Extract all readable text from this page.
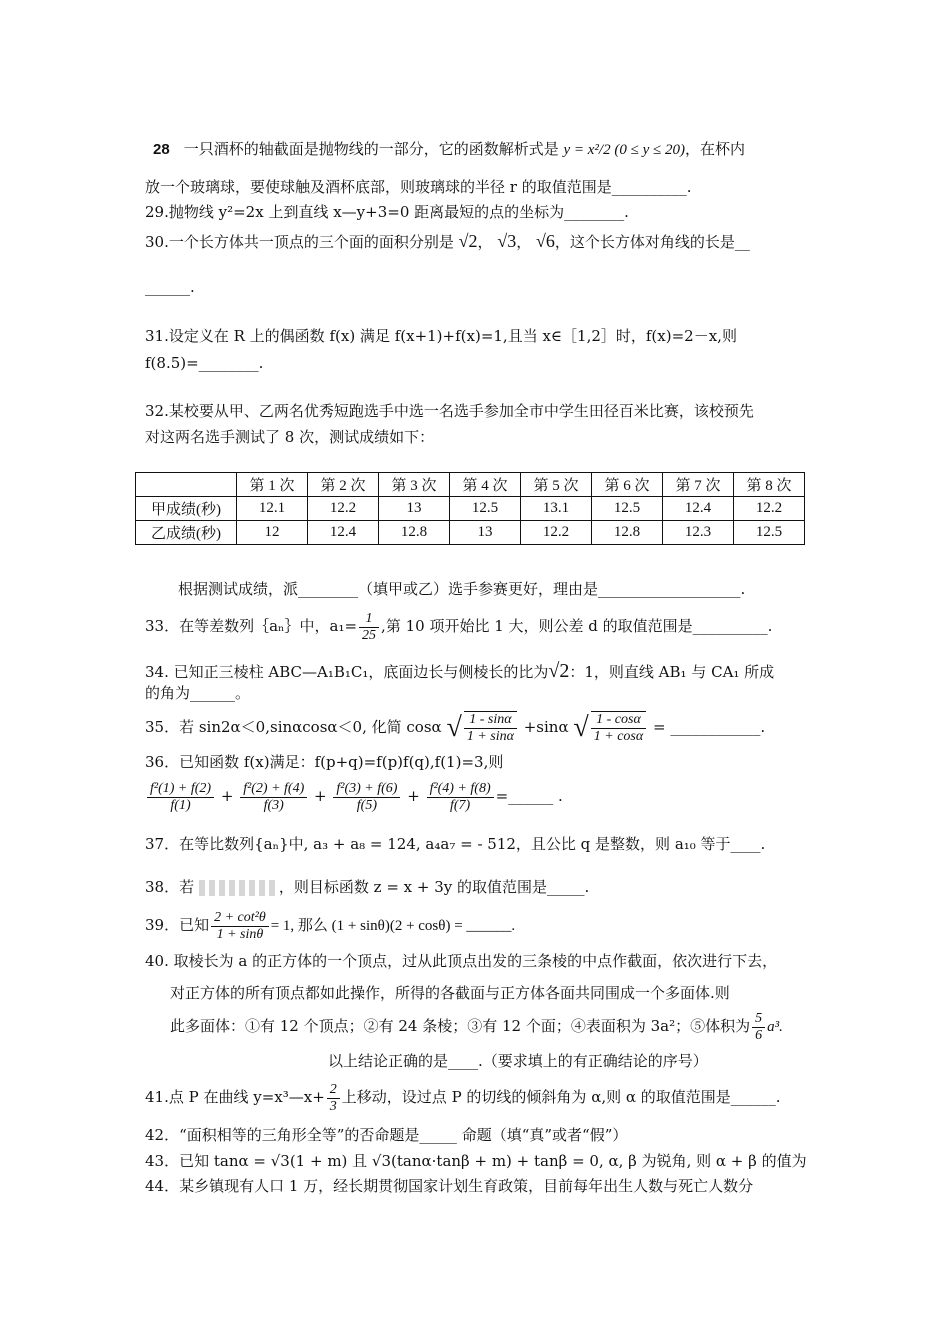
28 一只酒杯的轴截面是抛物线的一部分，它的函数解析式是 y = x²/2 (0 ≤ y ≤ 20)，在杯内
放一个玻璃球，要使球触及酒杯底部，则玻璃球的半径 r 的取值范围是__________.
29.抛物线 y²=2x 上到直线 x—y+3=0 距离最短的点的坐标为________.
30.一个长方体共一顶点的三个面的面积分别是 √2， √3， √6，这个长方体对角线的长是__
______.
31.设定义在 R 上的偶函数 f(x) 满足 f(x+1)+f(x)=1,且当 x∈［1,2］时，f(x)=2－x,则
f(8.5)=________.
32.某校要从甲、乙两名优秀短跑选手中选一名选手参加全市中学生田径百米比赛，该校预先
对这两名选手测试了 8 次，测试成绩如下：
	第 1 次	第 2 次	第 3 次	第 4 次	第 5 次	第 6 次	第 7 次	第 8 次
甲成绩(秒)	12.1	12.2	13	12.5	13.1	12.5	12.4	12.2
乙成绩(秒)	12	12.4	12.8	13	12.2	12.8	12.3	12.5
根据测试成绩，派________（填甲或乙）选手参赛更好，理由是___________________.
33．在等差数列｛aₙ｝中，$a_1= \frac{1}{25}$ ,第 10 项开始比 1 大，则公差 d 的取值范围是__________.
34. 已知正三棱柱 ABC—A₁B₁C₁，底面边长与侧棱长的比为√2：1，则直线 AB₁ 与 CA₁ 所成
的角为______。
35．若 sin2α＜0,sinαcosα＜0, 化简 cosα √ $\frac{1 - \sin\alpha}{1 + \sin\alpha} +\sin\alpha$ √ $\frac{1 - \cos\alpha}{1 + \cos\alpha}$ = ____________.
36．已知函数 f(x)满足：f(p+q)=f(p)f(q),f(1)=3,则
$\frac{\text{f²(1) + f(2)}}{f(1)} + \frac{\text{f²(2) + f(4)}}{f(3)} + \frac{\text{f²(3) + f(6)}}{f(5)} + \frac{\text{f²(4) + f(8)}}{f(7)}$ =______ .
37．在等比数列{aₙ}中, a₃ + a₈ = 124, a₄a₇ = - 512，且公比 q 是整数，则 a₁₀ 等于____.
38．若	，则目标函数 z = x + 3y 的取值范围是_____.
39．已知 $\frac{\text{2 + cot²θ}}{1 + \sin\theta} = 1$, 那么 (1 + sinθ)(2 + cosθ) = ______.
40. 取棱长为 a 的正方体的一个顶点，过从此顶点出发的三条棱的中点作截面，依次进行下去，
对正方体的所有顶点都如此操作，所得的各截面与正方体各面共同围成一个多面体.则
此多面体：①有 12 个顶点；②有 24 条棱；③有 12 个面；④表面积为 3a²；⑤体积为 $\frac{5}{6} a^3$.
以上结论正确的是____.（要求填上的有正确结论的序号）
41.点 P 在曲线 y=x³—x+ $\frac{2}{3}$ 上移动，设过点 P 的切线的倾斜角为 α,则 α 的取值范围是______.
42．“面积相等的三角形全等”的否命题是_____ 命题（填“真”或者“假”）
43．已知 tanα = √3(1 + m) 且 √3(tanα·tanβ + m) + tanβ = 0, α, β 为锐角, 则 α + β 的值为
44．某乡镇现有人口 1 万，经长期贯彻国家计划生育政策，目前每年出生人数与死亡人数分
